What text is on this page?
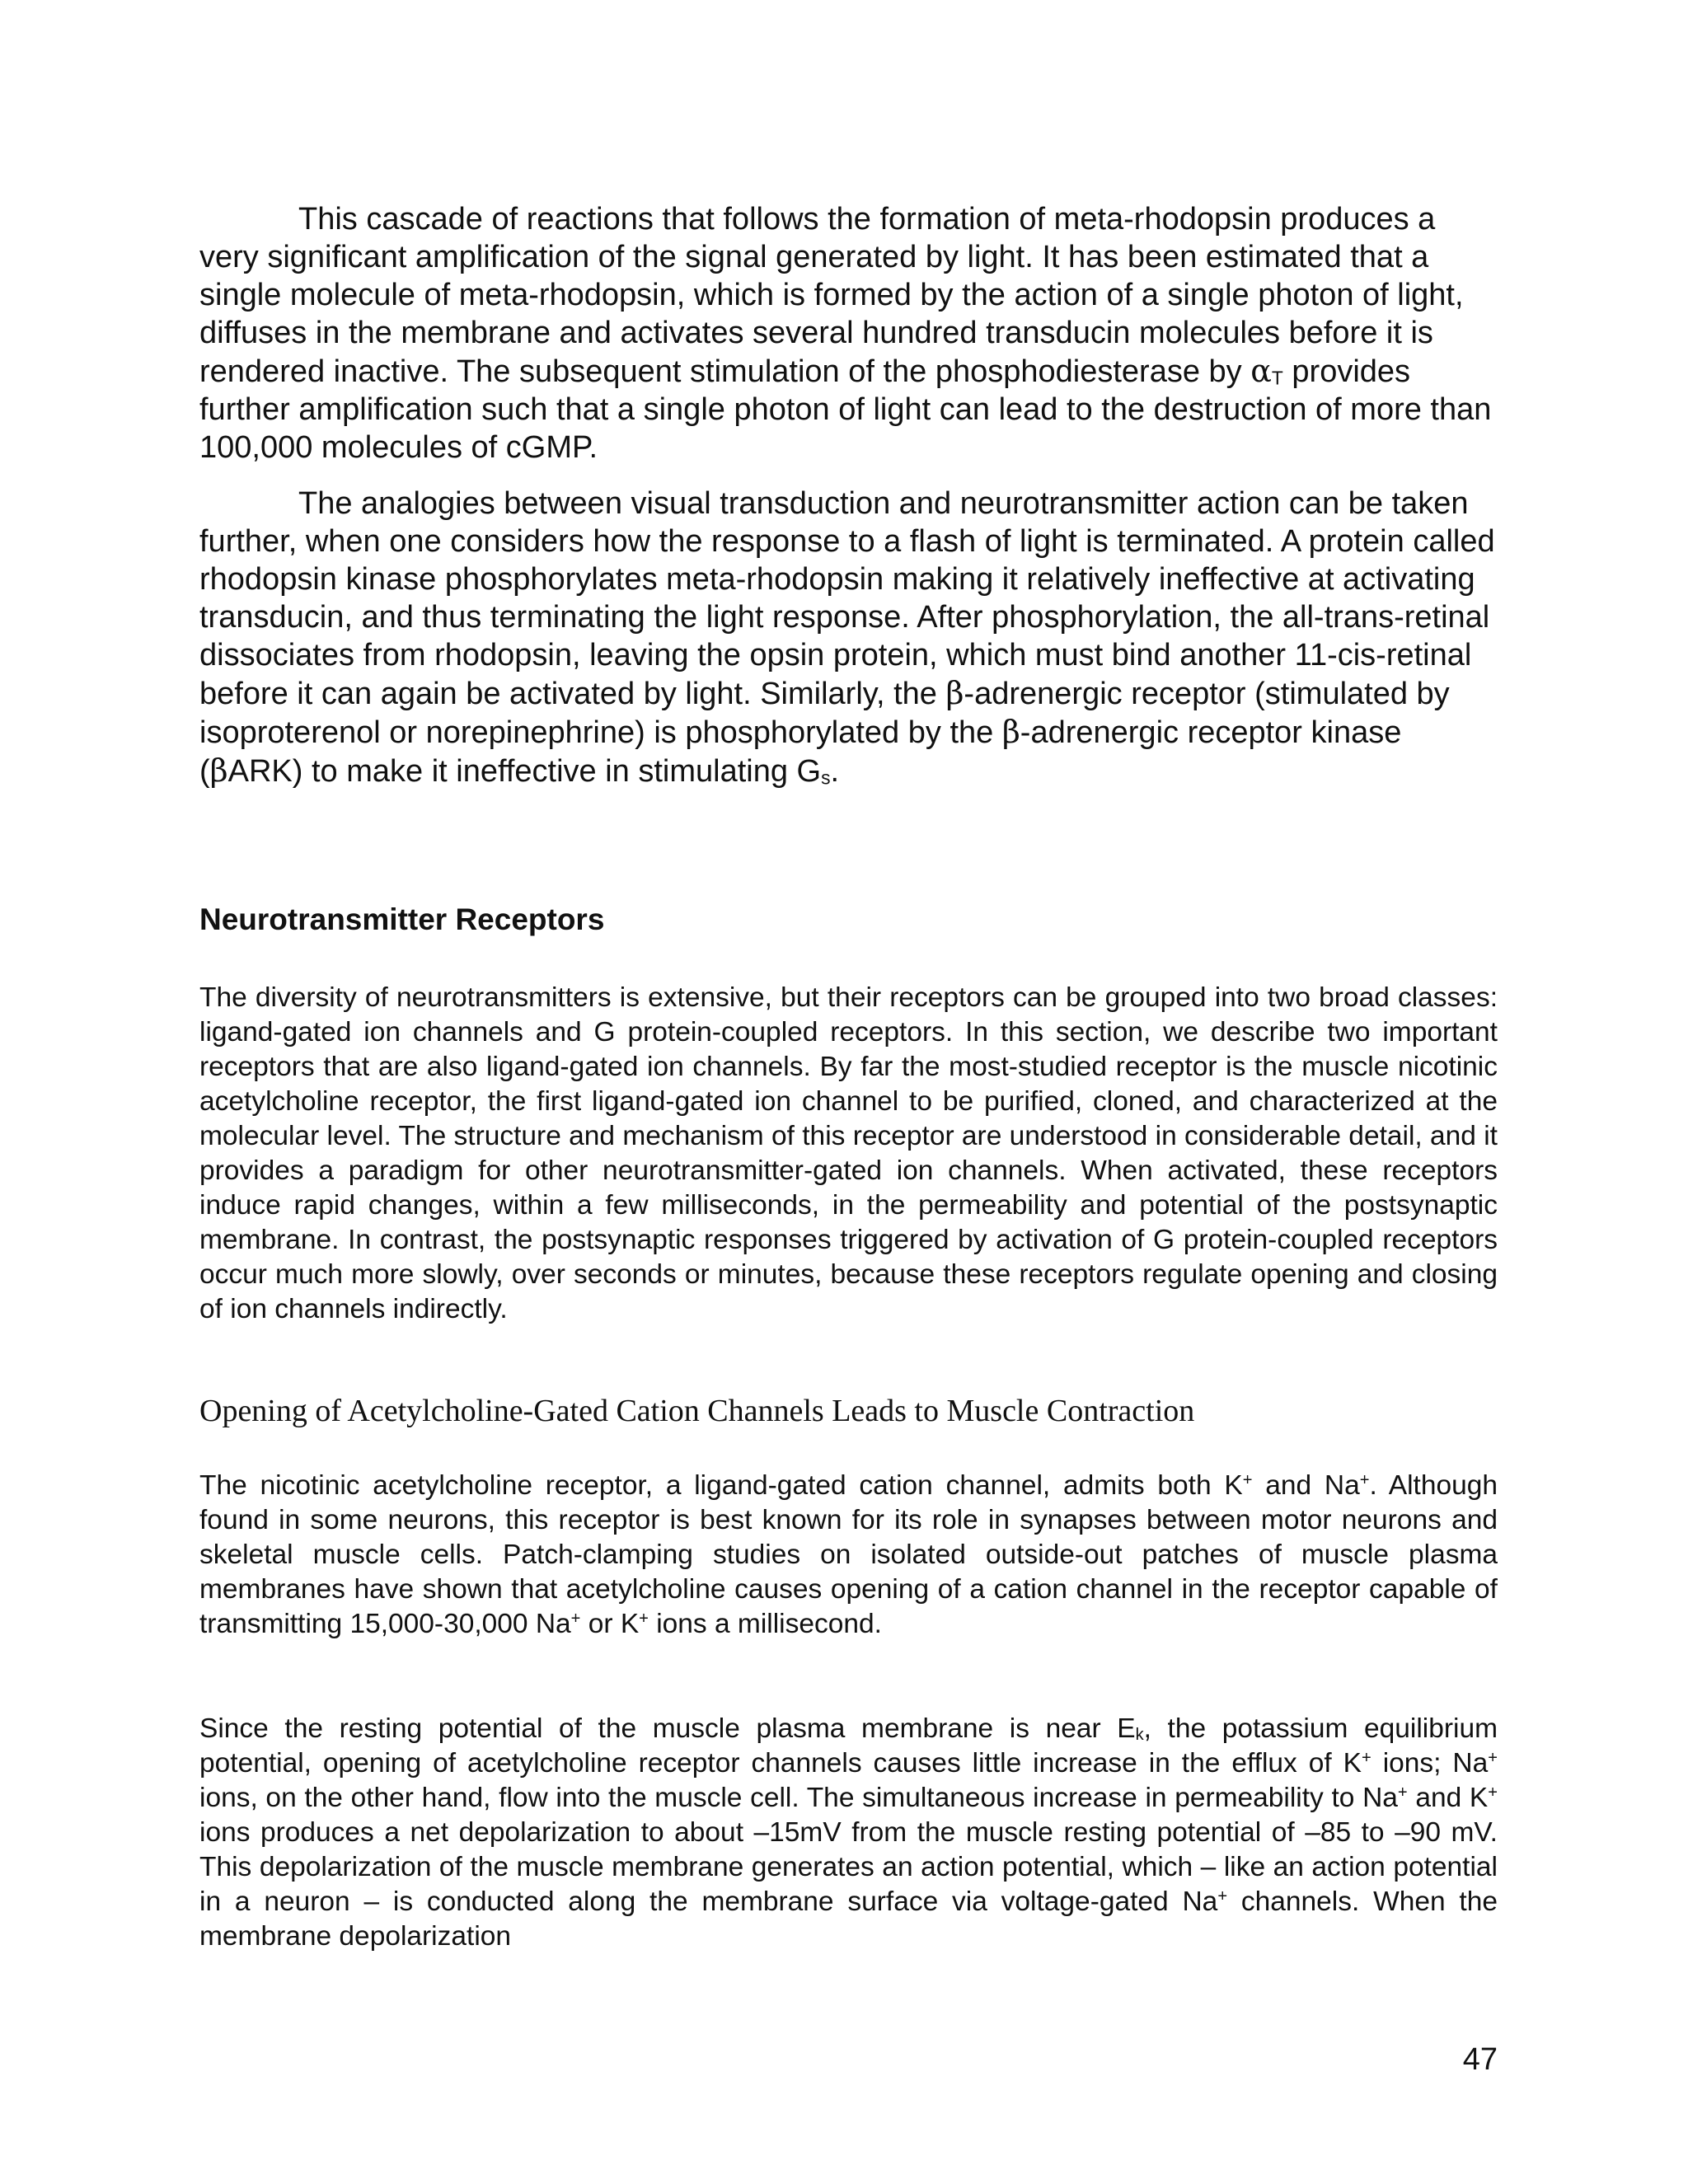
This cascade of reactions that follows the formation of meta-rhodopsin produces a very significant amplification of the signal generated by light. It has been estimated that a single molecule of meta-rhodopsin, which is formed by the action of a single photon of light, diffuses in the membrane and activates several hundred transducin molecules before it is rendered inactive. The subsequent stimulation of the phosphodiesterase by αT provides further amplification such that a single photon of light can lead to the destruction of more than 100,000 molecules of cGMP.

The analogies between visual transduction and neurotransmitter action can be taken further, when one considers how the response to a flash of light is terminated. A protein called rhodopsin kinase phosphorylates meta-rhodopsin making it relatively ineffective at activating transducin, and thus terminating the light response. After phosphorylation, the all-trans-retinal dissociates from rhodopsin, leaving the opsin protein, which must bind another 11-cis-retinal before it can again be activated by light. Similarly, the β-adrenergic receptor (stimulated by isoproterenol or norepinephrine) is phosphorylated by the β-adrenergic receptor kinase (βARK) to make it ineffective in stimulating Gs.

Neurotransmitter Receptors

The diversity of neurotransmitters is extensive, but their receptors can be grouped into two broad classes: ligand-gated ion channels and G protein-coupled receptors. In this section, we describe two important receptors that are also ligand-gated ion channels. By far the most-studied receptor is the muscle nicotinic acetylcholine receptor, the first ligand-gated ion channel to be purified, cloned, and characterized at the molecular level. The structure and mechanism of this receptor are understood in considerable detail, and it provides a paradigm for other neurotransmitter-gated ion channels. When activated, these receptors induce rapid changes, within a few milliseconds, in the permeability and potential of the postsynaptic membrane. In contrast, the postsynaptic responses triggered by activation of G protein-coupled receptors occur much more slowly, over seconds or minutes, because these receptors regulate opening and closing of ion channels indirectly.

Opening of Acetylcholine-Gated Cation Channels Leads to Muscle Contraction

The nicotinic acetylcholine receptor, a ligand-gated cation channel, admits both K+ and Na+. Although found in some neurons, this receptor is best known for its role in synapses between motor neurons and skeletal muscle cells. Patch-clamping studies on isolated outside-out patches of muscle plasma membranes have shown that acetylcholine causes opening of a cation channel in the receptor capable of transmitting 15,000-30,000 Na+ or K+ ions a millisecond.

Since the resting potential of the muscle plasma membrane is near Ek, the potassium equilibrium potential, opening of acetylcholine receptor channels causes little increase in the efflux of K+ ions; Na+ ions, on the other hand, flow into the muscle cell. The simultaneous increase in permeability to Na+ and K+ ions produces a net depolarization to about –15mV from the muscle resting potential of –85 to –90 mV. This depolarization of the muscle membrane generates an action potential, which – like an action potential in a neuron – is conducted along the membrane surface via voltage-gated Na+ channels. When the membrane depolarization

47
